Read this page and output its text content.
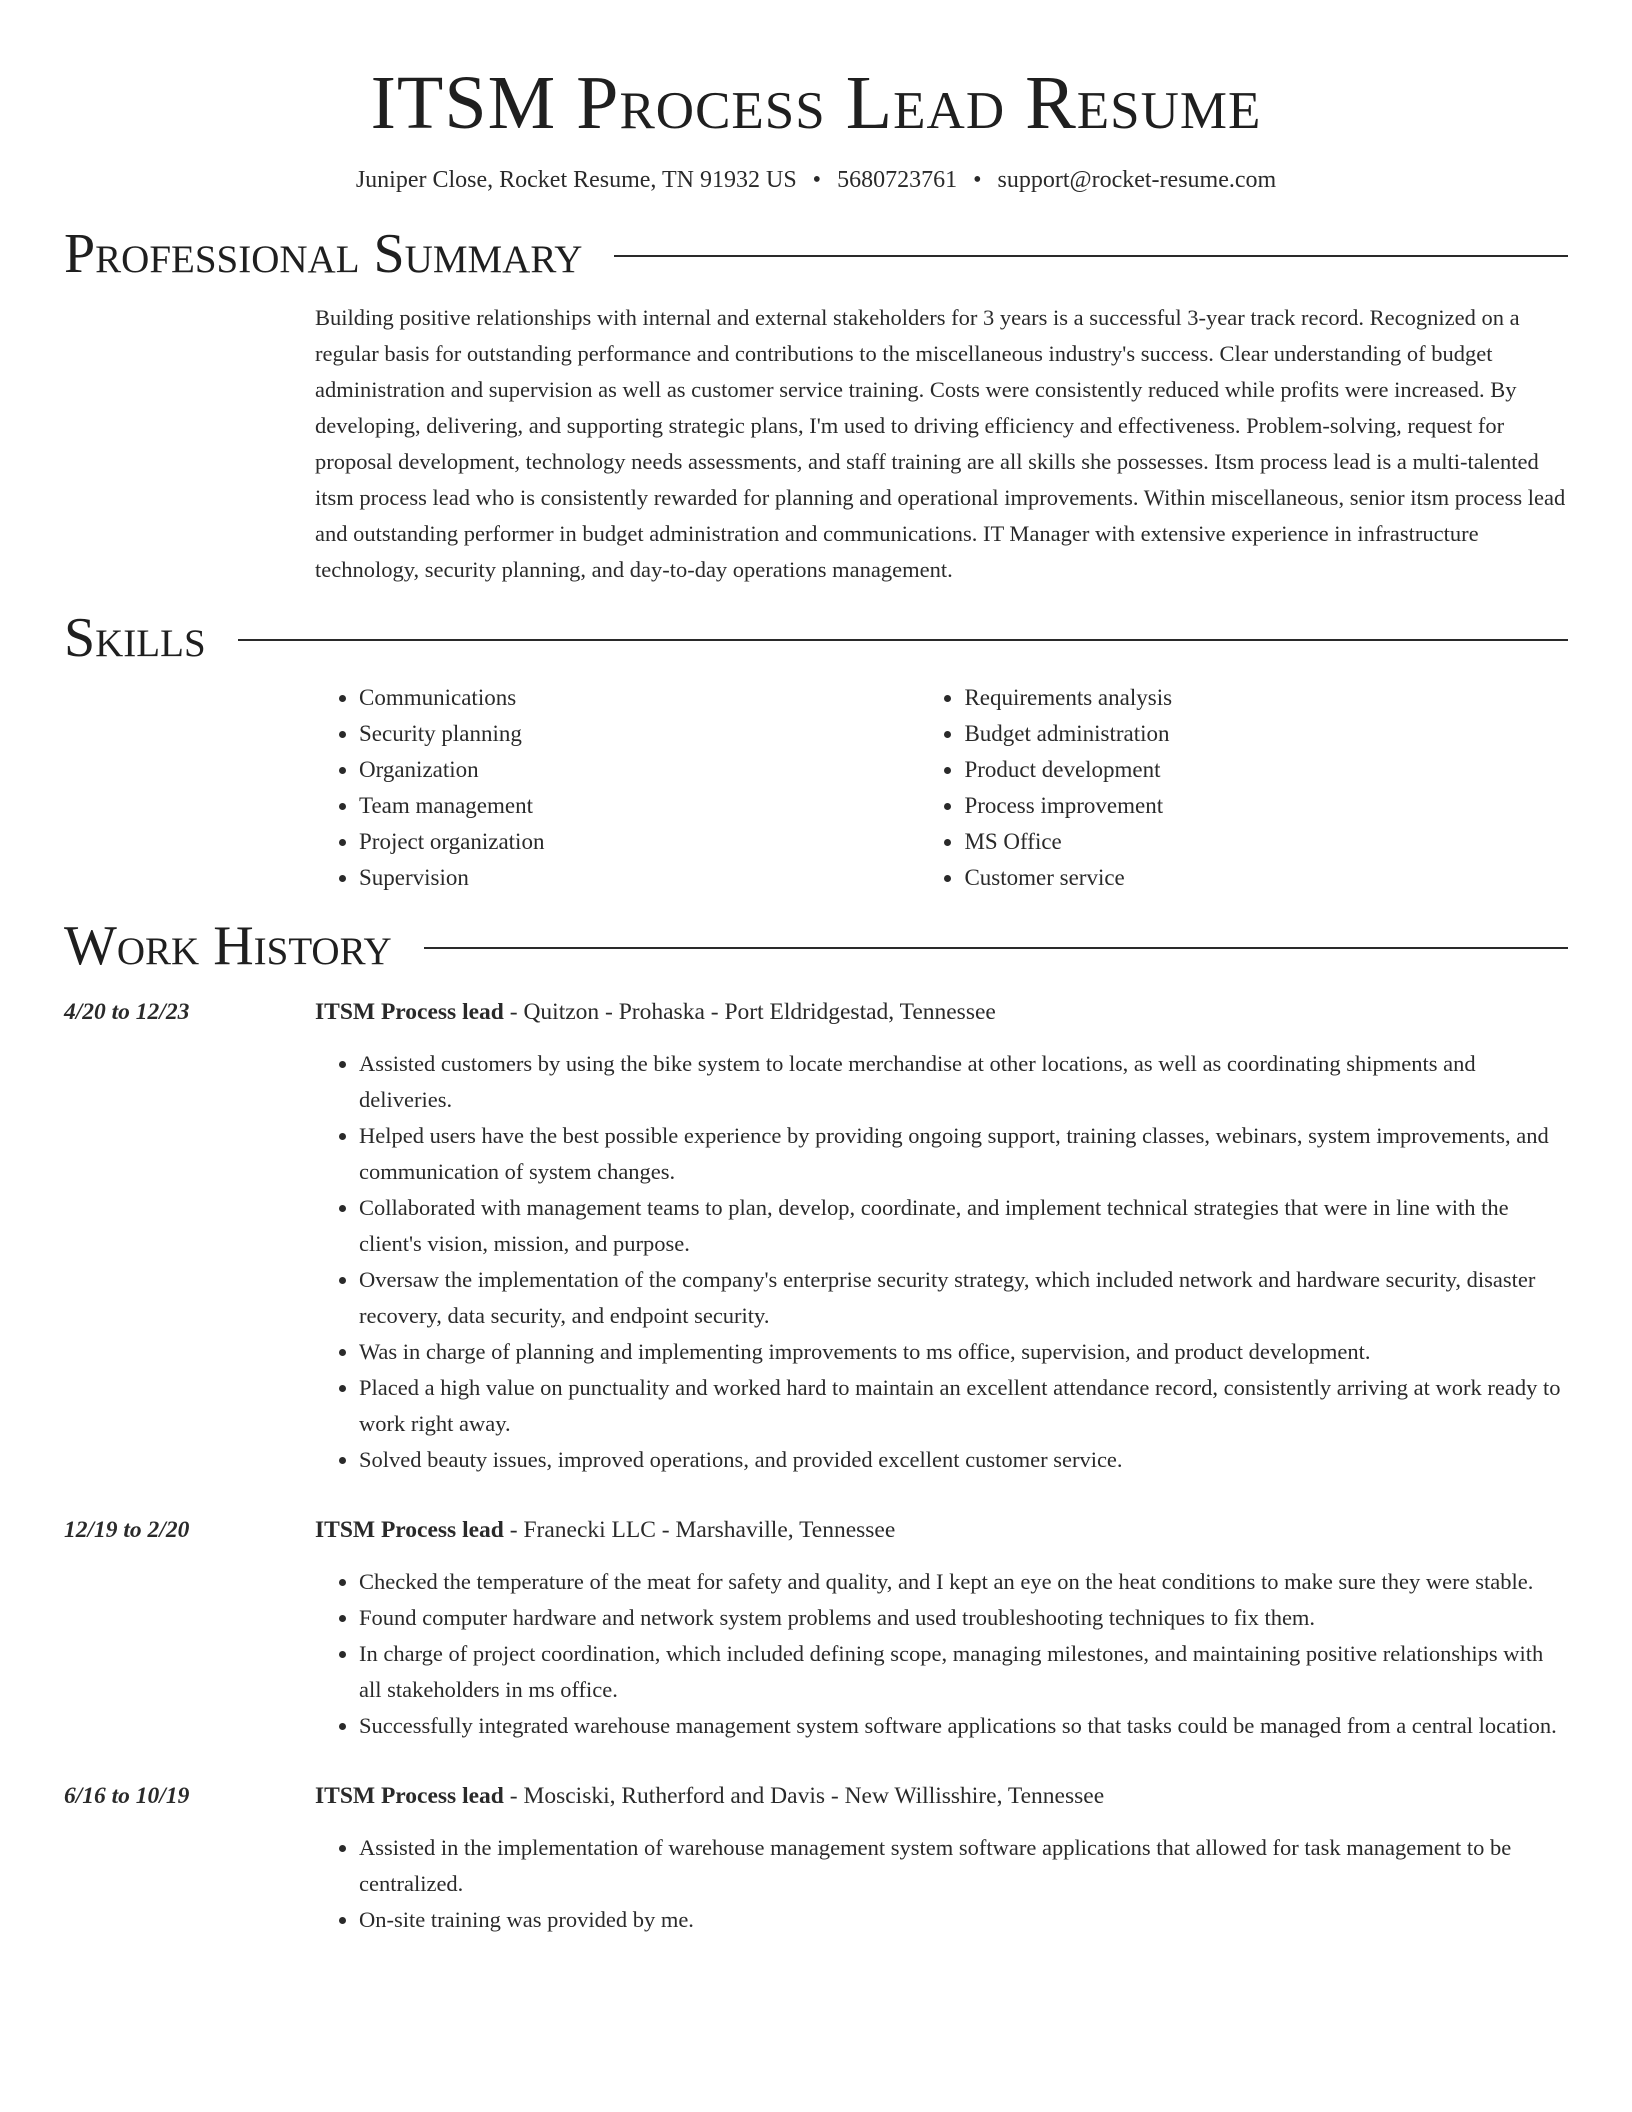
ITSM Process Lead Resume
Juniper Close, Rocket Resume, TN 91932 US • 5680723761 • support@rocket-resume.com
Professional Summary
Building positive relationships with internal and external stakeholders for 3 years is a successful 3-year track record. Recognized on a regular basis for outstanding performance and contributions to the miscellaneous industry's success. Clear understanding of budget administration and supervision as well as customer service training. Costs were consistently reduced while profits were increased. By developing, delivering, and supporting strategic plans, I'm used to driving efficiency and effectiveness. Problem-solving, request for proposal development, technology needs assessments, and staff training are all skills she possesses. Itsm process lead is a multi-talented itsm process lead who is consistently rewarded for planning and operational improvements. Within miscellaneous, senior itsm process lead and outstanding performer in budget administration and communications. IT Manager with extensive experience in infrastructure technology, security planning, and day-to-day operations management.
Skills
• Communications
• Security planning
• Organization
• Team management
• Project organization
• Supervision
• Requirements analysis
• Budget administration
• Product development
• Process improvement
• MS Office
• Customer service
Work History
4/20 to 12/23	ITSM Process lead - Quitzon - Prohaska - Port Eldridgestad, Tennessee
• Assisted customers by using the bike system to locate merchandise at other locations, as well as coordinating shipments and deliveries.
• Helped users have the best possible experience by providing ongoing support, training classes, webinars, system improvements, and communication of system changes.
• Collaborated with management teams to plan, develop, coordinate, and implement technical strategies that were in line with the client's vision, mission, and purpose.
• Oversaw the implementation of the company's enterprise security strategy, which included network and hardware security, disaster recovery, data security, and endpoint security.
• Was in charge of planning and implementing improvements to ms office, supervision, and product development.
• Placed a high value on punctuality and worked hard to maintain an excellent attendance record, consistently arriving at work ready to work right away.
• Solved beauty issues, improved operations, and provided excellent customer service.
12/19 to 2/20	ITSM Process lead - Franecki LLC - Marshaville, Tennessee
• Checked the temperature of the meat for safety and quality, and I kept an eye on the heat conditions to make sure they were stable.
• Found computer hardware and network system problems and used troubleshooting techniques to fix them.
• In charge of project coordination, which included defining scope, managing milestones, and maintaining positive relationships with all stakeholders in ms office.
• Successfully integrated warehouse management system software applications so that tasks could be managed from a central location.
6/16 to 10/19	ITSM Process lead - Mosciski, Rutherford and Davis - New Willisshire, Tennessee
• Assisted in the implementation of warehouse management system software applications that allowed for task management to be centralized.
• On-site training was provided by me.
